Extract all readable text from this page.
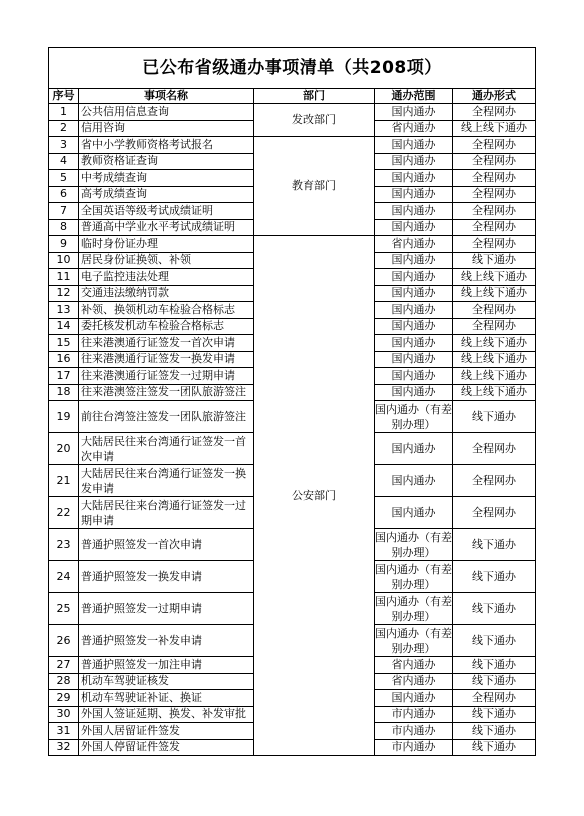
已公布省级通办事项清单（共208项）				
序号	事项名称	部门	通办范围	通办形式
1	公共信用信息查询	发改部门	国内通办	全程网办
2	信用咨询		省内通办	线上线下通办
3	省中小学教师资格考试报名	教育部门	国内通办	全程网办
4	教师资格证查询		国内通办	全程网办
5	中考成绩查询		国内通办	全程网办
6	高考成绩查询		国内通办	全程网办
7	全国英语等级考试成绩证明		国内通办	全程网办
8	普通高中学业水平考试成绩证明		国内通办	全程网办
9	临时身份证办理	公安部门	省内通办	全程网办
10	居民身份证换领、补领		国内通办	线下通办
11	电子监控违法处理		国内通办	线上线下通办
12	交通违法缴纳罚款		国内通办	线上线下通办
13	补领、换领机动车检验合格标志		国内通办	全程网办
14	委托核发机动车检验合格标志		国内通办	全程网办
15	往来港澳通行证签发一首次申请		国内通办	线上线下通办
16	往来港澳通行证签发一换发申请		国内通办	线上线下通办
17	往来港澳通行证签发一过期申请		国内通办	线上线下通办
18	往来港澳签注签发一团队旅游签注		国内通办	线上线下通办
19	前往台湾签注签发一团队旅游签注		国内通办（有差别办理）	线下通办
20	大陆居民往来台湾通行证签发一首次申请		国内通办	全程网办
21	大陆居民往来台湾通行证签发一换发申请		国内通办	全程网办
22	大陆居民往来台湾通行证签发一过期申请		国内通办	全程网办
23	普通护照签发一首次申请		国内通办（有差别办理）	线下通办
24	普通护照签发一换发申请		国内通办（有差别办理）	线下通办
25	普通护照签发一过期申请		国内通办（有差别办理）	线下通办
26	普通护照签发一补发申请		国内通办（有差别办理）	线下通办
27	普通护照签发一加注申请		省内通办	线下通办
28	机动车驾驶证核发		省内通办	线下通办
29	机动车驾驶证补证、换证		国内通办	全程网办
30	外国人签证延期、换发、补发审批		市内通办	线下通办
31	外国人居留证件签发		市内通办	线下通办
32	外国人停留证件签发		市内通办	线下通办
